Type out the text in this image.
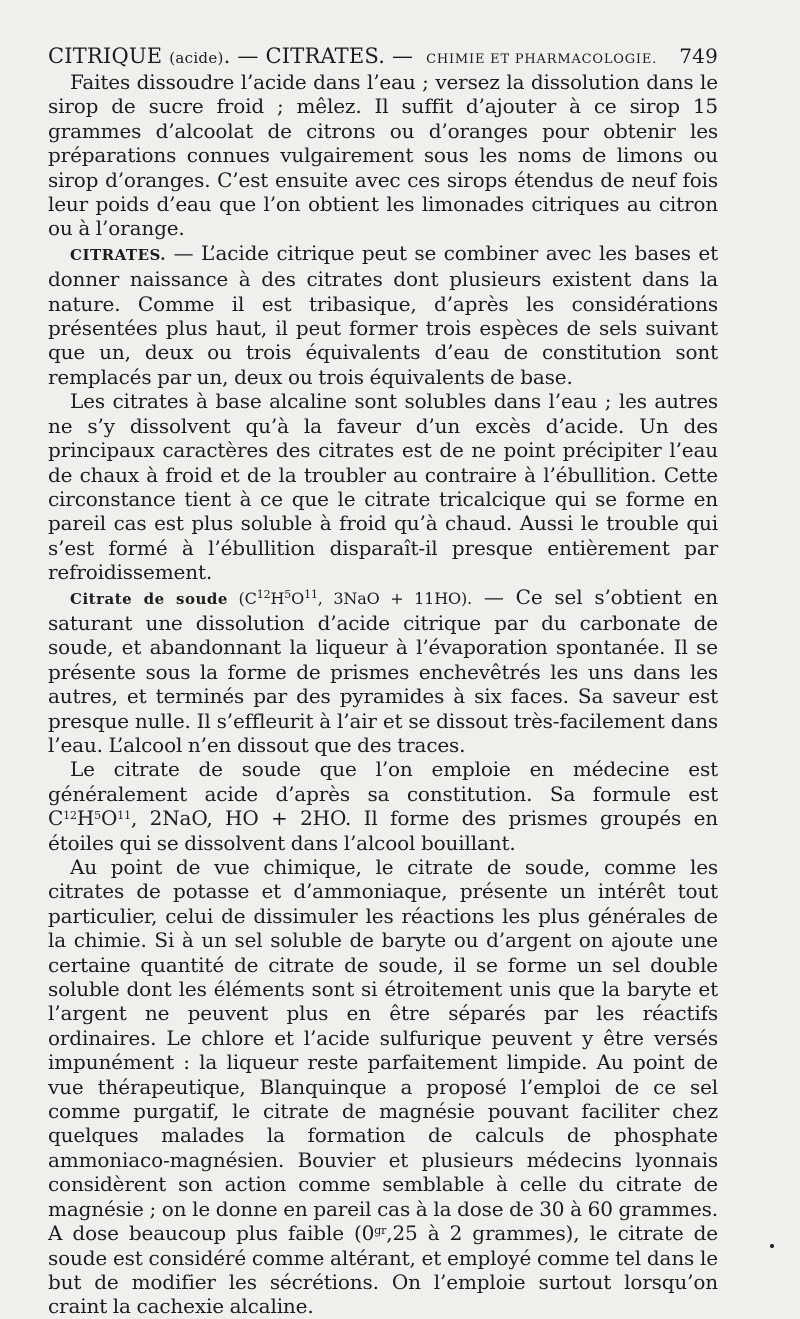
CITRIQUE (acide). — CITRATES. — CHIMIE ET PHARMACOLOGIE. 749

Faites dissoudre l’acide dans l’eau ; versez la dissolution dans le sirop de sucre froid ; mêlez. Il suffit d’ajouter à ce sirop 15 grammes d’alcoolat de citrons ou d’oranges pour obtenir les préparations connues vulgairement sous les noms de limons ou sirop d’oranges. C’est ensuite avec ces sirops étendus de neuf fois leur poids d’eau que l’on obtient les limonades citriques au citron ou à l’orange.

CITRATES. — L’acide citrique peut se combiner avec les bases et donner naissance à des citrates dont plusieurs existent dans la nature. Comme il est tribasique, d’après les considérations présentées plus haut, il peut former trois espèces de sels suivant que un, deux ou trois équivalents d’eau de constitution sont remplacés par un, deux ou trois équivalents de base.

Les citrates à base alcaline sont solubles dans l’eau ; les autres ne s’y dissolvent qu’à la faveur d’un excès d’acide. Un des principaux caractères des citrates est de ne point précipiter l’eau de chaux à froid et de la troubler au contraire à l’ébullition. Cette circonstance tient à ce que le citrate tricalcique qui se forme en pareil cas est plus soluble à froid qu’à chaud. Aussi le trouble qui s’est formé à l’ébullition disparaît-il presque entièrement par refroidissement.

Citrate de soude ($C^{12}H^5O^{11}$, 3NaO + 11HO). — Ce sel s’obtient en saturant une dissolution d’acide citrique par du carbonate de soude, et abandonnant la liqueur à l’évaporation spontanée. Il se présente sous la forme de prismes enchevêtrés les uns dans les autres, et terminés par des pyramides à six faces. Sa saveur est presque nulle. Il s’effleurit à l’air et se dissout très-facilement dans l’eau. L’alcool n’en dissout que des traces.

Le citrate de soude que l’on emploie en médecine est généralement acide d’après sa constitution. Sa formule est $C^{12}H^5O^{11}$, 2NaO, HO + 2HO. Il forme des prismes groupés en étoiles qui se dissolvent dans l’alcool bouillant.

Au point de vue chimique, le citrate de soude, comme les citrates de potasse et d’ammoniaque, présente un intérêt tout particulier, celui de dissimuler les réactions les plus générales de la chimie. Si à un sel soluble de baryte ou d’argent on ajoute une certaine quantité de citrate de soude, il se forme un sel double soluble dont les éléments sont si étroitement unis que la baryte et l’argent ne peuvent plus en être séparés par les réactifs ordinaires. Le chlore et l’acide sulfurique peuvent y être versés impunément : la liqueur reste parfaitement limpide. Au point de vue thérapeutique, Blanquinque a proposé l’emploi de ce sel comme purgatif, le citrate de magnésie pouvant faciliter chez quelques malades la formation de calculs de phosphate ammoniaco-magnésien. Bouvier et plusieurs médecins lyonnais considèrent son action comme semblable à celle du citrate de magnésie ; on le donne en pareil cas à la dose de 30 à 60 grammes. A dose beaucoup plus faible ($0^{gr},25$ à 2 grammes), le citrate de soude est considéré comme altérant, et employé comme tel dans le but de modifier les sécrétions. On l’emploie surtout lorsqu’on craint la cachexie alcaline.
